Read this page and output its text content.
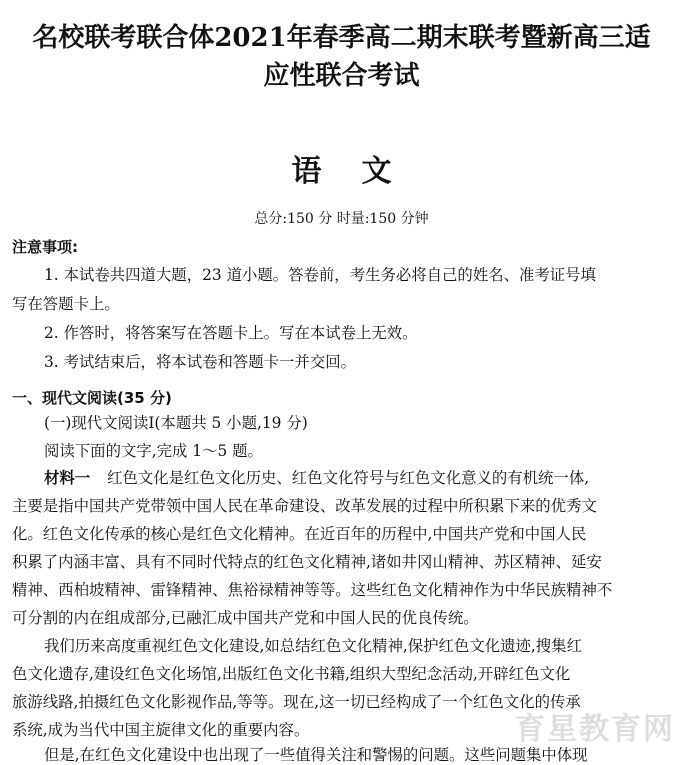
名校联考联合体2021年春季高二期末联考暨新高三适
应性联合考试
语文
总分:150 分 时量:150 分钟
注意事项:
1. 本试卷共四道大题，23 道小题。答卷前，考生务必将自己的姓名、准考证号填
写在答题卡上。
2. 作答时，将答案写在答题卡上。写在本试卷上无效。
3. 考试结束后，将本试卷和答题卡一并交回。
一、现代文阅读(35 分)
(一)现代文阅读Ⅰ(本题共 5 小题,19 分)
阅读下面的文字,完成 1～5 题。
材料一 红色文化是红色文化历史、红色文化符号与红色文化意义的有机统一体,
主要是指中国共产党带领中国人民在革命建设、改革发展的过程中所积累下来的优秀文
化。红色文化传承的核心是红色文化精神。在近百年的历程中,中国共产党和中国人民
积累了内涵丰富、具有不同时代特点的红色文化精神,诸如井冈山精神、苏区精神、延安
精神、西柏坡精神、雷锋精神、焦裕禄精神等等。这些红色文化精神作为中华民族精神不
可分割的内在组成部分,已融汇成中国共产党和中国人民的优良传统。
我们历来高度重视红色文化建设,如总结红色文化精神,保护红色文化遗迹,搜集红
色文化遗存,建设红色文化场馆,出版红色文化书籍,组织大型纪念活动,开辟红色文化
旅游线路,拍摄红色文化影视作品,等等。现在,这一切已经构成了一个红色文化的传承
系统,成为当代中国主旋律文化的重要内容。
但是,在红色文化建设中也出现了一些值得关注和警惕的问题。这些问题集中体现
育星教育网
